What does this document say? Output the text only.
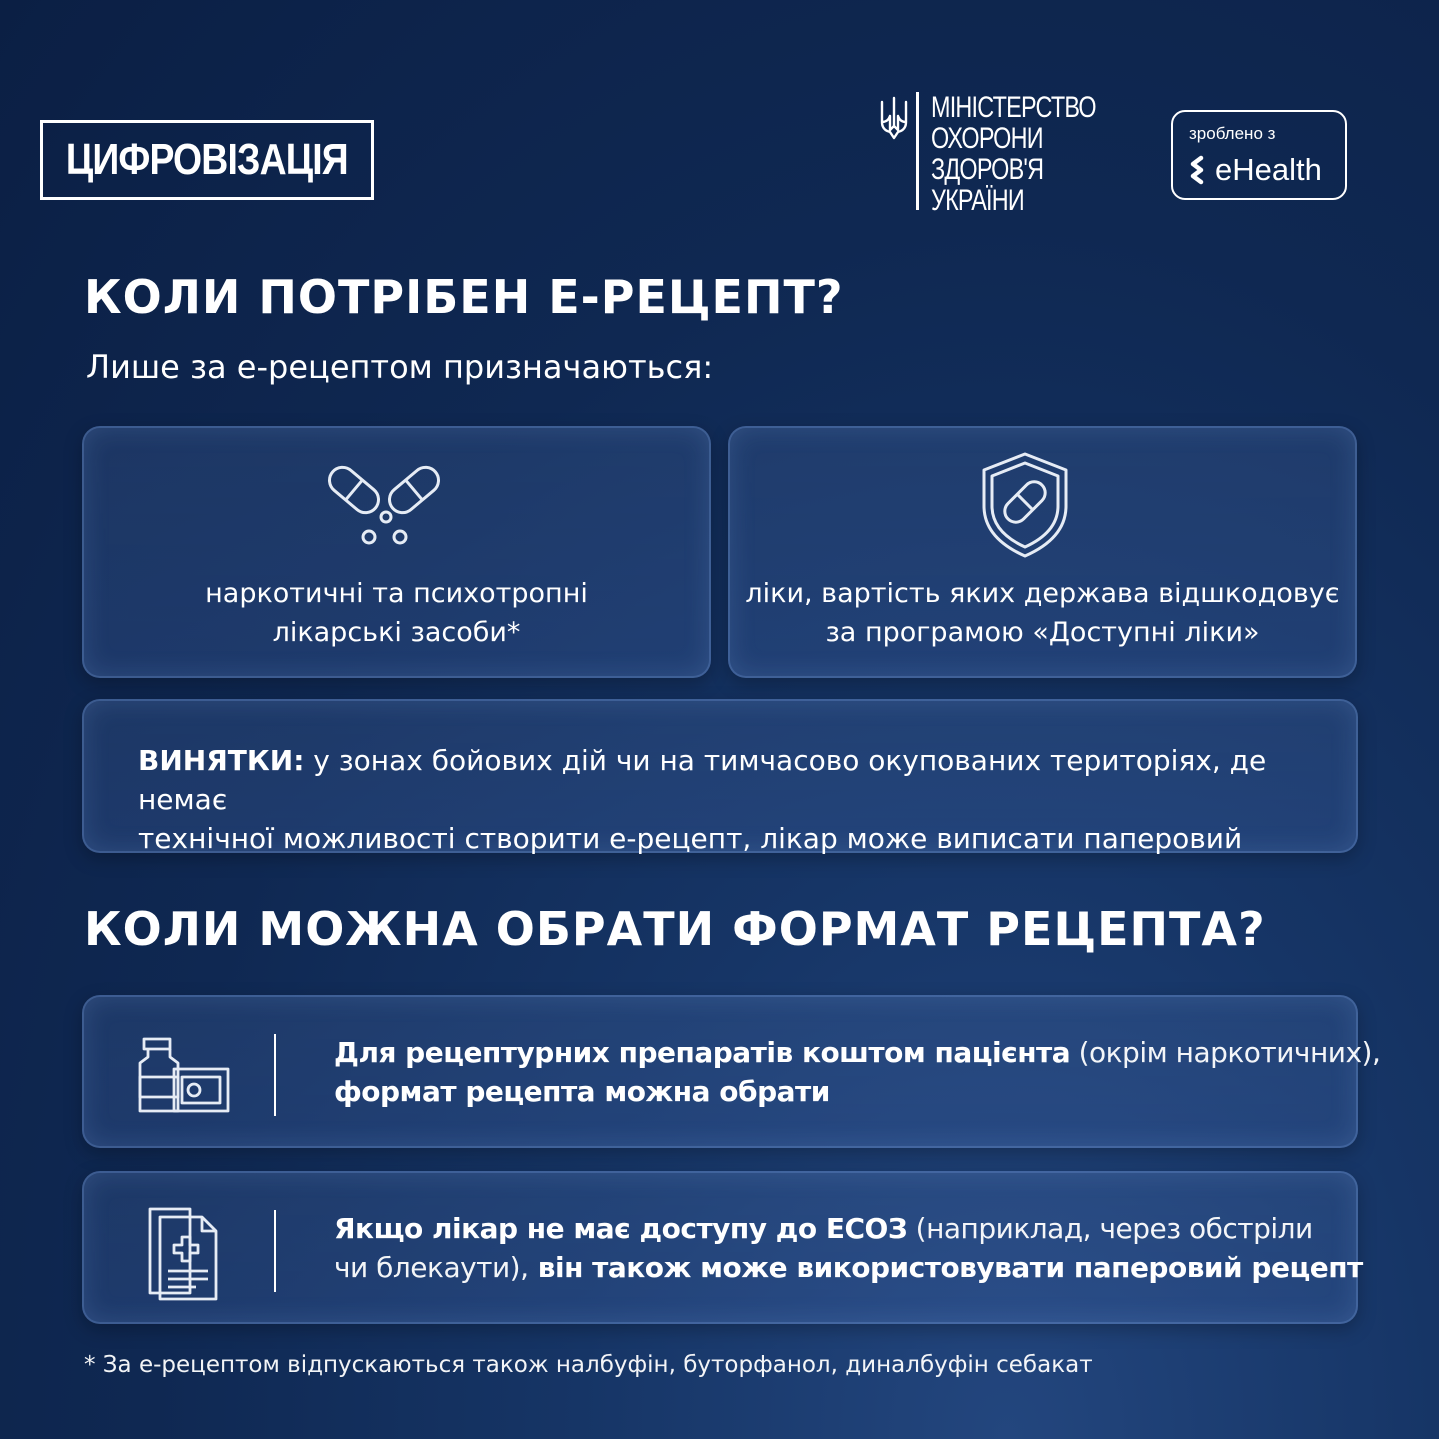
ЦИФРОВІЗАЦІЯ
МІНІСТЕРСТВО
ОХОРОНИ
ЗДОРОВ'Я
УКРАЇНИ
зроблено з
eHealth
КОЛИ ПОТРІБЕН Е-РЕЦЕПТ?
Лише за е-рецептом призначаються:
наркотичні та психотропні
лікарські засоби*
ліки, вартість яких держава відшкодовує
за програмою «Доступні ліки»
ВИНЯТКИ: у зонах бойових дій чи на тимчасово окупованих територіях, де немає
технічної можливості створити е-рецепт, лікар може виписати паперовий
КОЛИ МОЖНА ОБРАТИ ФОРМАТ РЕЦЕПТА?
Для рецептурних препаратів коштом пацієнта (окрім наркотичних),
формат рецепта можна обрати
Якщо лікар не має доступу до ЕСОЗ (наприклад, через обстріли
чи блекаути), він також може використовувати паперовий рецепт
* За е-рецептом відпускаються також налбуфін, буторфанол, диналбуфін себакат
